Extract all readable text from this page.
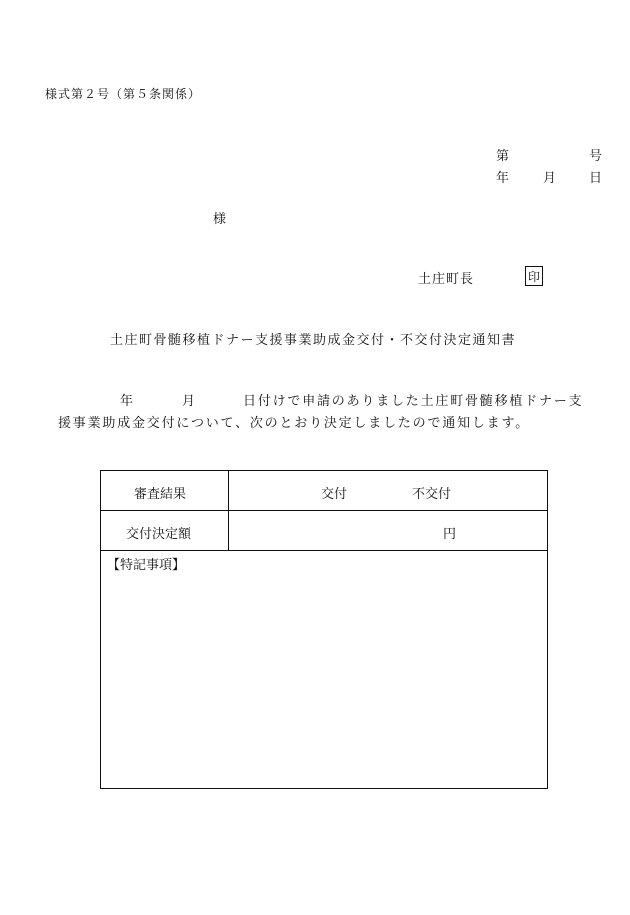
様式第２号（第５条関係）
第	号
年	月	日
様
土庄町長	印
土庄町骨髄移植ドナー支援事業助成金交付・不交付決定通知書
年	月	日付けで申請のありました土庄町骨髄移植ドナー支
援事業助成金交付について、次のとおり決定しましたので通知します。
審査結果	交付	不交付
交付決定額	円
【特記事項】
